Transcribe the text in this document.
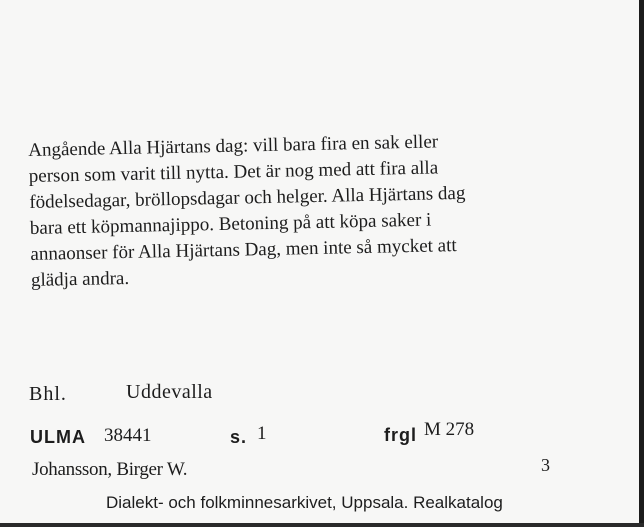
Angående Alla Hjärtans dag: vill bara fira en sak eller
person som varit till nytta. Det är nog med att fira alla
födelsedagar, bröllopsdagar och helger. Alla Hjärtans dag
bara ett köpmannajippo. Betoning på att köpa saker i
annaonser för Alla Hjärtans Dag, men inte så mycket att
glädja andra.
Bhl.	Uddevalla
ULMA 38441	s. 1	frgl M 278
Johansson, Birger W.	3
Dialekt- och folkminnesarkivet, Uppsala. Realkatalog
